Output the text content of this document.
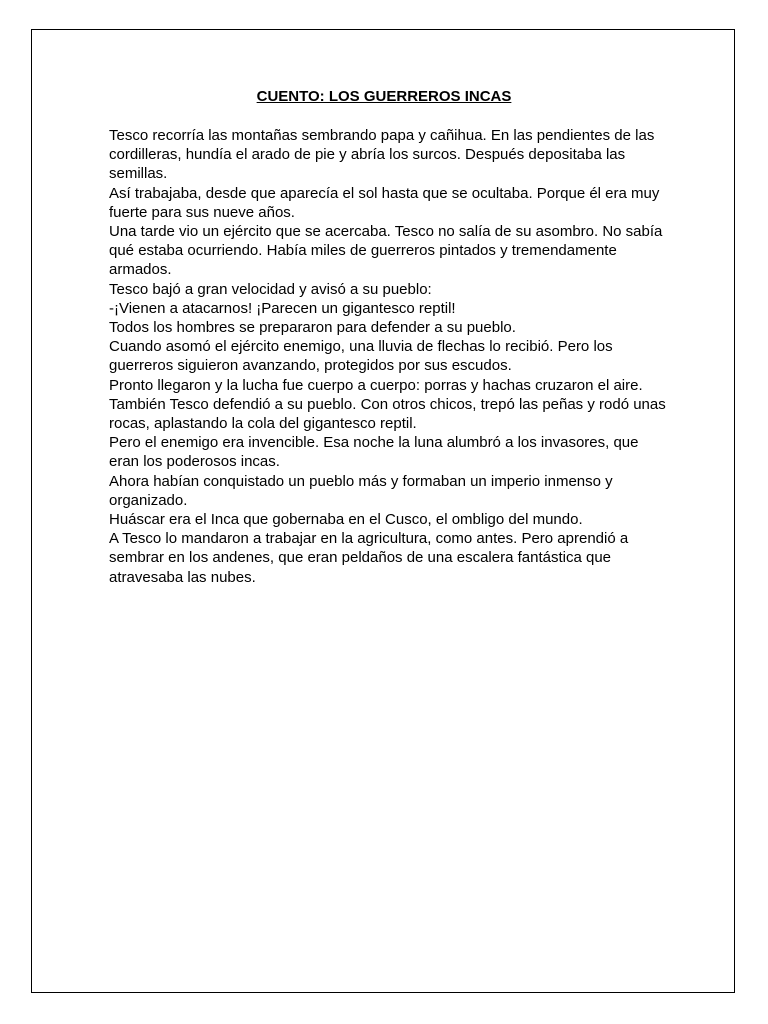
CUENTO: LOS GUERREROS INCAS

Tesco recorría las montañas sembrando papa y cañihua. En las pendientes de las cordilleras, hundía el arado de pie y abría los surcos. Después depositaba las semillas.

Así trabajaba, desde que aparecía el sol hasta que se ocultaba. Porque él era muy fuerte para sus nueve años.

Una tarde vio un ejército que se acercaba. Tesco no salía de su asombro. No sabía qué estaba ocurriendo. Había miles de guerreros pintados y tremendamente armados.

Tesco bajó a gran velocidad y avisó a su pueblo:

-¡Vienen a atacarnos! ¡Parecen un gigantesco reptil!

Todos los hombres se prepararon para defender a su pueblo.

Cuando asomó el ejército enemigo, una lluvia de flechas lo recibió. Pero los guerreros siguieron avanzando, protegidos por sus escudos.

Pronto llegaron y la lucha fue cuerpo a cuerpo: porras y hachas cruzaron el aire.

También Tesco defendió a su pueblo. Con otros chicos, trepó las peñas y rodó unas rocas, aplastando la cola del gigantesco reptil.

Pero el enemigo era invencible. Esa noche la luna alumbró a los invasores, que eran los poderosos incas.

Ahora habían conquistado un pueblo más y formaban un imperio inmenso y organizado.

Huáscar era el Inca que gobernaba en el Cusco, el ombligo del mundo.

A Tesco lo mandaron a trabajar en la agricultura, como antes. Pero aprendió a sembrar en los andenes, que eran peldaños de una escalera fantástica que atravesaba las nubes.
